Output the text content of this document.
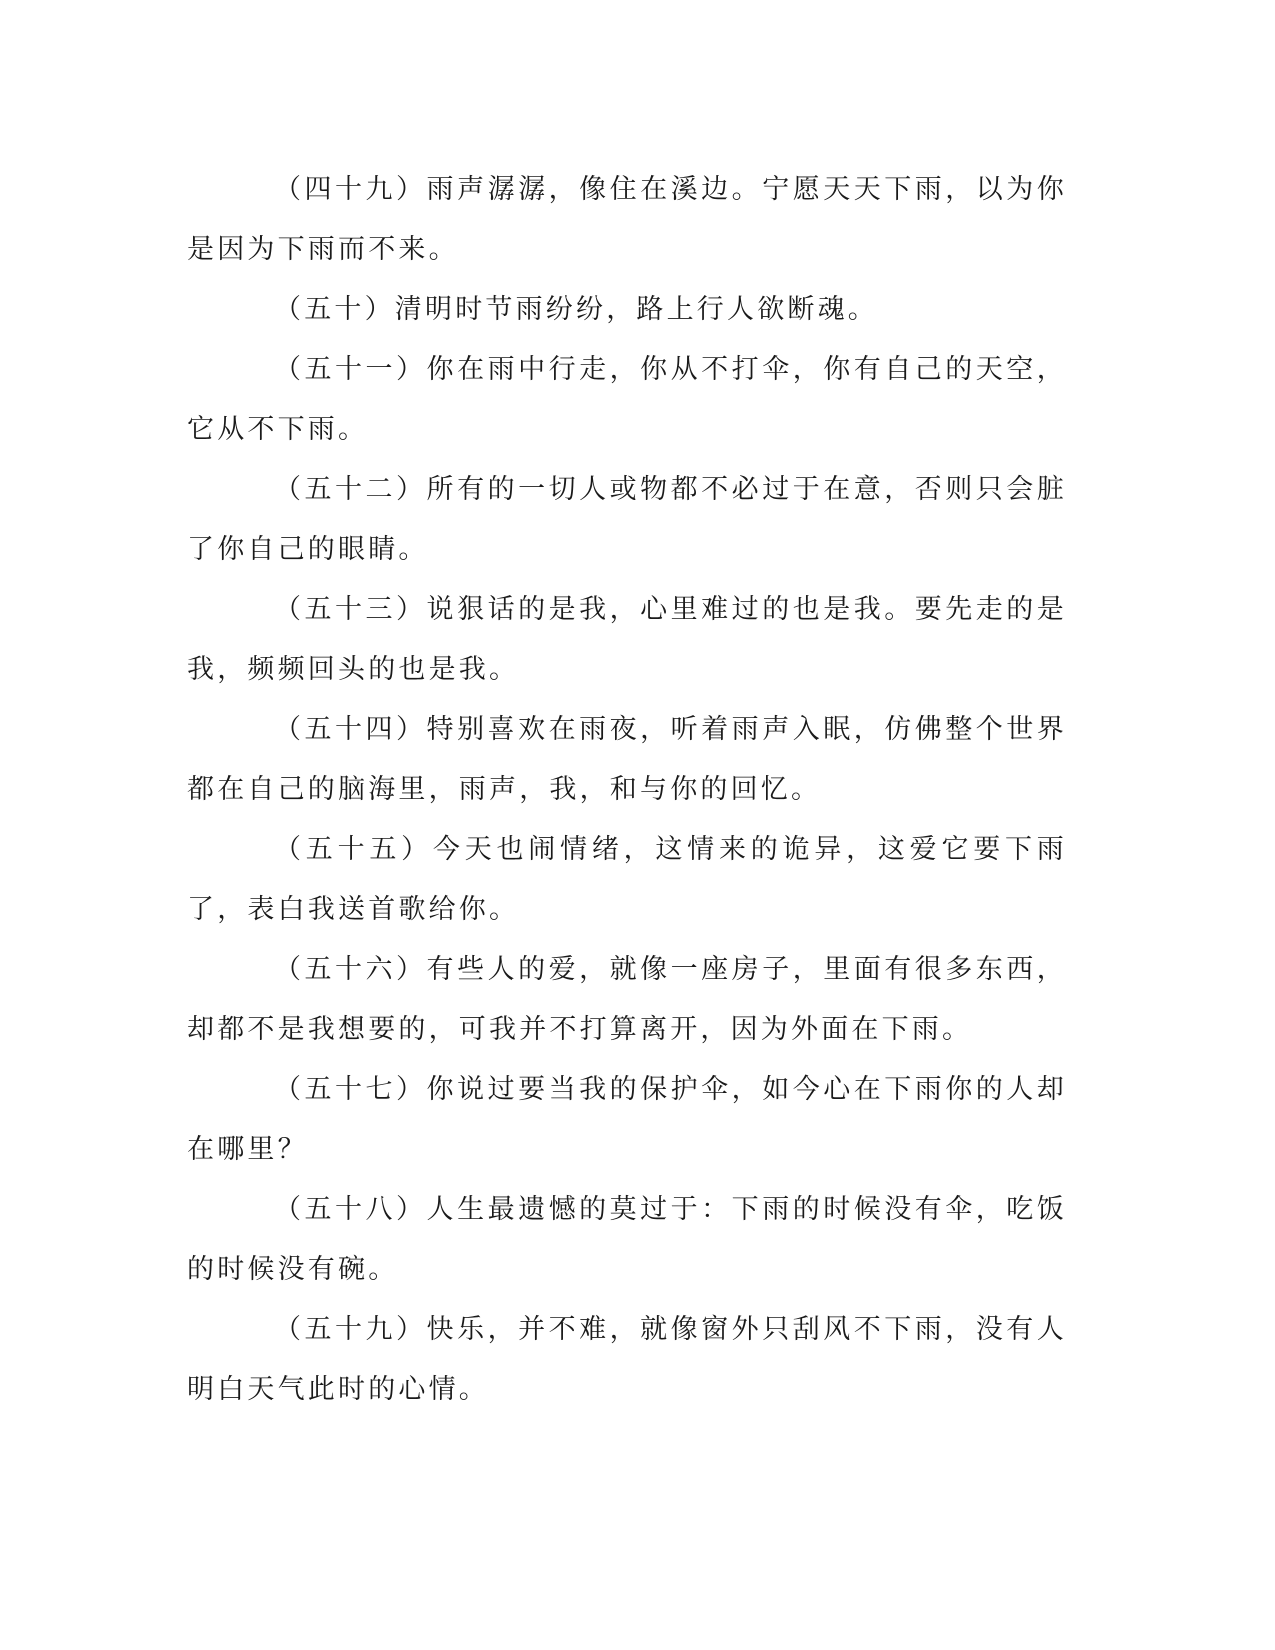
（四十九）雨声潺潺，像住在溪边。宁愿天天下雨，以为你是因为下雨而不来。

（五十）清明时节雨纷纷，路上行人欲断魂。

（五十一）你在雨中行走，你从不打伞，你有自己的天空，它从不下雨。

（五十二）所有的一切人或物都不必过于在意，否则只会脏了你自己的眼睛。

（五十三）说狠话的是我，心里难过的也是我。要先走的是我，频频回头的也是我。

（五十四）特别喜欢在雨夜，听着雨声入眠，仿佛整个世界都在自己的脑海里，雨声，我，和与你的回忆。

（五十五）今天也闹情绪，这情来的诡异，这爱它要下雨了，表白我送首歌给你。

（五十六）有些人的爱，就像一座房子，里面有很多东西，却都不是我想要的，可我并不打算离开，因为外面在下雨。

（五十七）你说过要当我的保护伞，如今心在下雨你的人却在哪里？

（五十八）人生最遗憾的莫过于：下雨的时候没有伞，吃饭的时候没有碗。

（五十九）快乐，并不难，就像窗外只刮风不下雨，没有人明白天气此时的心情。
